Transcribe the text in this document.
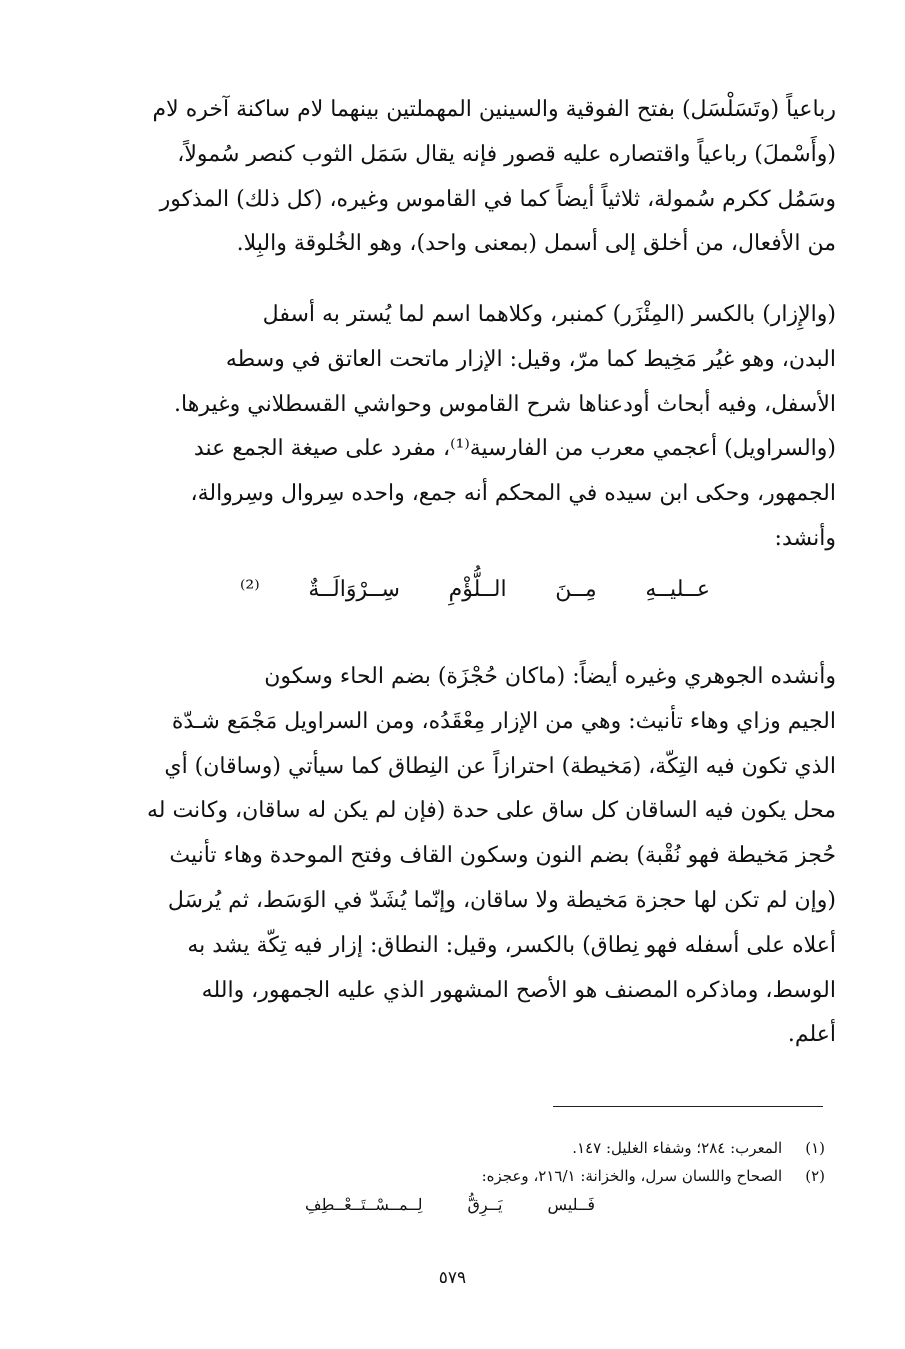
رباعياً (وتَسَلْسَل) بفتح الفوقية والسينين المهملتين بينهما لام ساكنة آخره لام
(وأَسْملَ) رباعياً واقتصاره عليه قصور فإنه يقال سَمَل الثوب كنصر سُمولاً،
وسَمُل ككرم سُمولة، ثلاثياً أيضاً كما في القاموس وغيره، (كل ذلك) المذكور
من الأفعال، من أخلق إلى أسمل (بمعنى واحد)، وهو الخُلوقة والبِلا.
(والإِزار) بالكسر (المِئْزَر) كمنبر، وكلاهما اسم لما يُستر به أسفل
البدن، وهو غيُر مَخِيط كما مرّ، وقيل: الإزار ماتحت العاتق في وسطه
الأسفل، وفيه أبحاث أودعناها شرح القاموس وحواشي القسطلاني وغيرها.
(والسراويل) أعجمي معرب من الفارسية⁽¹⁾، مفرد على صيغة الجمع عند
الجمهور، وحكى ابن سيده في المحكم أنه جمع، واحده سِروال وسِروالة،
وأنشد:
عــليــهِ مِــنَ الــلُّؤْمِ سِــرْوَالَــةٌ ⁽²⁾
وأنشده الجوهري وغيره أيضاً: (ماكان حُجْزَة) بضم الحاء وسكون
الجيم وزاي وهاء تأنيث: وهي من الإزار مِعْقَدُه، ومن السراويل مَجْمَع شـدّة
الذي تكون فيه التِكّة، (مَخيطة) احترازاً عن النِطاق كما سيأتي (وساقان) أي
محل يكون فيه الساقان كل ساق على حدة (فإن لم يكن له ساقان، وكانت له
حُجز مَخيطة فهو نُقْبة) بضم النون وسكون القاف وفتح الموحدة وهاء تأنيث
(وإن لم تكن لها حجزة مَخيطة ولا ساقان، وإنّما يُشَدّ في الوَسَط، ثم يُرسَل
أعلاه على أسفله فهو نِطاق) بالكسر، وقيل: النطاق: إزار فيه تِكّة يشد به
الوسط، وماذكره المصنف هو الأصح المشهور الذي عليه الجمهور، والله
أعلم.
(١) المعرب: ٢٨٤؛ وشفاء الغليل: ١٤٧.
(٢) الصحاح واللسان سرل، والخزانة: ٢١٦/١، وعجزه:
فَــليس يَــرِقُّ لِــمــسْــتَــعْــطِفِ
٥٧٩
